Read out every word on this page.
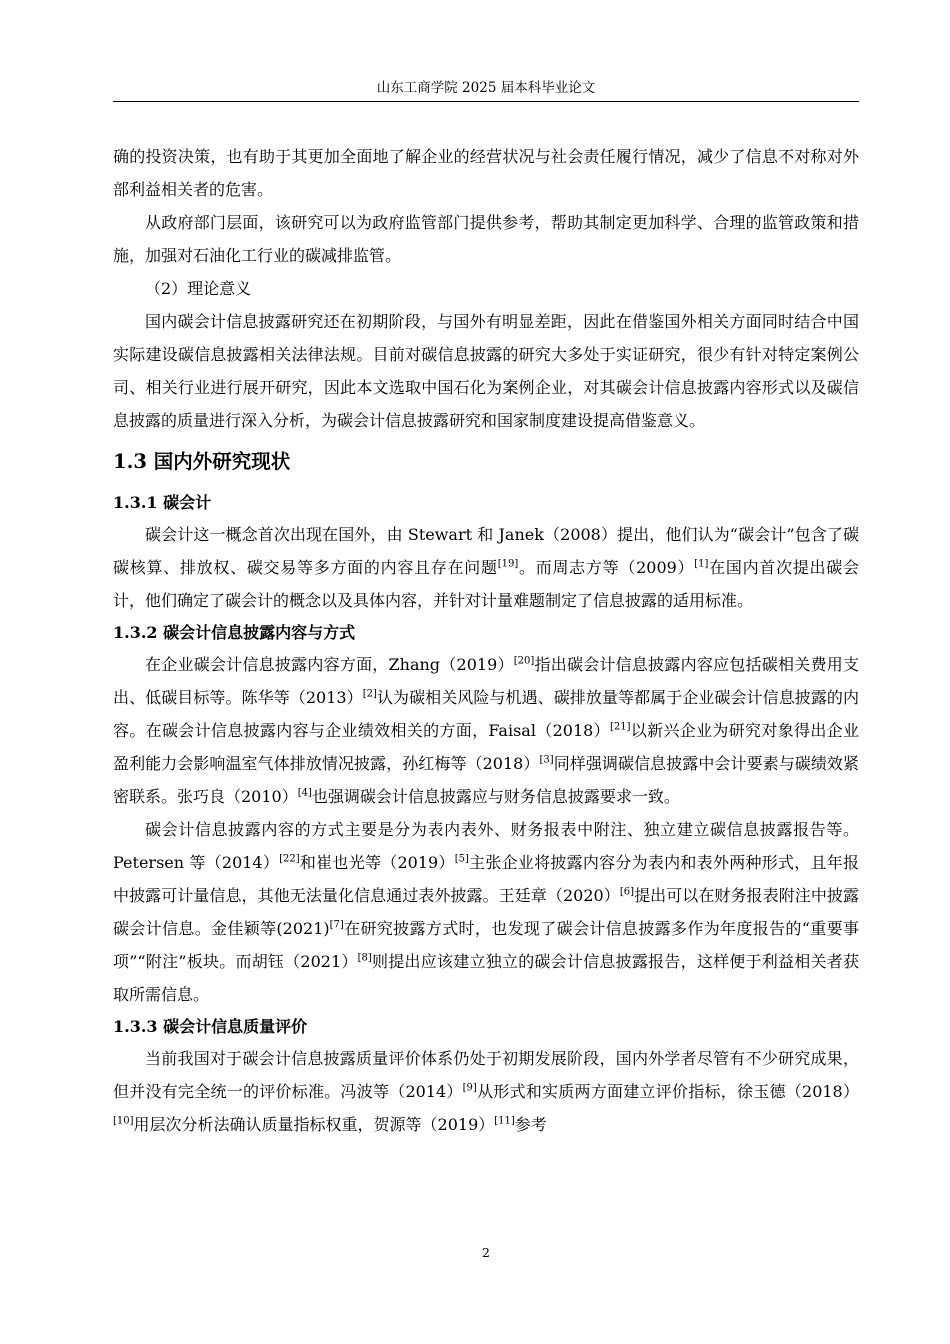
山东工商学院 2025 届本科毕业论文

确的投资决策，也有助于其更加全面地了解企业的经营状况与社会责任履行情况，减少了信息不对称对外部利益相关者的危害。

从政府部门层面，该研究可以为政府监管部门提供参考，帮助其制定更加科学、合理的监管政策和措施，加强对石油化工行业的碳减排监管。

（2）理论意义

国内碳会计信息披露研究还在初期阶段，与国外有明显差距，因此在借鉴国外相关方面同时结合中国实际建设碳信息披露相关法律法规。目前对碳信息披露的研究大多处于实证研究，很少有针对特定案例公司、相关行业进行展开研究，因此本文选取中国石化为案例企业，对其碳会计信息披露内容形式以及碳信息披露的质量进行深入分析，为碳会计信息披露研究和国家制度建设提高借鉴意义。

1.3 国内外研究现状
1.3.1 碳会计

碳会计这一概念首次出现在国外，由 Stewart 和 Janek（2008）提出，他们认为“碳会计”包含了碳碳核算、排放权、碳交易等多方面的内容且存在问题[19]。而周志方等（2009）[1]在国内首次提出碳会计，他们确定了碳会计的概念以及具体内容，并针对计量难题制定了信息披露的适用标准。

1.3.2 碳会计信息披露内容与方式

在企业碳会计信息披露内容方面，Zhang（2019）[20]指出碳会计信息披露内容应包括碳相关费用支出、低碳目标等。陈华等（2013）[2]认为碳相关风险与机遇、碳排放量等都属于企业碳会计信息披露的内容。在碳会计信息披露内容与企业绩效相关的方面，Faisal（2018）[21]以新兴企业为研究对象得出企业盈利能力会影响温室气体排放情况披露，孙红梅等（2018）[3]同样强调碳信息披露中会计要素与碳绩效紧密联系。张巧良（2010）[4]也强调碳会计信息披露应与财务信息披露要求一致。

碳会计信息披露内容的方式主要是分为表内表外、财务报表中附注、独立建立碳信息披露报告等。Petersen 等（2014）[22]和崔也光等（2019）[5]主张企业将披露内容分为表内和表外两种形式，且年报中披露可计量信息，其他无法量化信息通过表外披露。王廷章（2020）[6]提出可以在财务报表附注中披露碳会计信息。金佳颖等(2021)[7]在研究披露方式时，也发现了碳会计信息披露多作为年度报告的“重要事项”“附注”板块。而胡钰（2021）[8]则提出应该建立独立的碳会计信息披露报告，这样便于利益相关者获取所需信息。

1.3.3 碳会计信息质量评价

当前我国对于碳会计信息披露质量评价体系仍处于初期发展阶段，国内外学者尽管有不少研究成果，但并没有完全统一的评价标准。冯波等（2014）[9]从形式和实质两方面建立评价指标，徐玉德（2018）[10]用层次分析法确认质量指标权重，贺源等（2019）[11]参考

2
